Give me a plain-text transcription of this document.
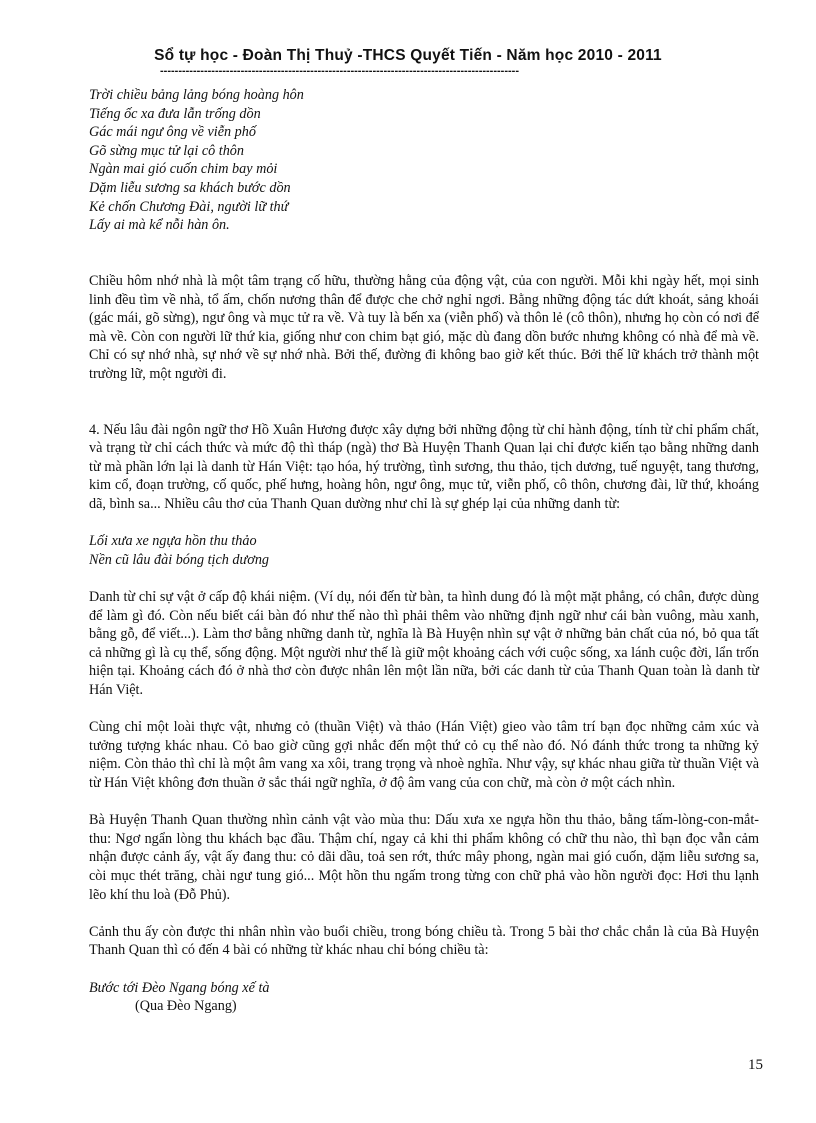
Sổ tự học - Đoàn Thị Thuỷ -THCS Quyết Tiến - Năm học 2010 - 2011
--------------------------------------------------------------------------------------------------
Trời chiều bảng lảng bóng hoàng hôn
Tiếng ốc xa đưa lẫn trống dồn
Gác mái ngư ông về viễn phố
Gõ sừng mục tử lại cô thôn
Ngàn mai gió cuốn chim bay mỏi
Dặm liễu sương sa khách bước dồn
Kẻ chốn Chương Đài, người lữ thứ
Lấy ai mà kể nỗi hàn ôn.

Chiều hôm nhớ nhà là một tâm trạng cố hữu, thường hằng của động vật, của con người. Mỗi khi ngày hết, mọi sinh linh đều tìm về nhà, tổ ấm, chốn nương thân để được che chở nghỉ ngơi. Bằng những động tác dứt khoát, sảng khoái (gác mái, gõ sừng), ngư ông và mục tử ra về. Và tuy là bến xa (viễn phố) và thôn lẻ (cô thôn), nhưng họ còn có nơi để mà về. Còn con người lữ thứ kia, giống như con chim bạt gió, mặc dù đang dồn bước nhưng không có nhà để mà về. Chỉ có sự nhớ nhà, sự nhớ về sự nhớ nhà. Bởi thế, đường đi không bao giờ kết thúc. Bởi thế lữ khách trở thành một trường lữ, một người đi.

4. Nếu lâu đài ngôn ngữ thơ Hồ Xuân Hương được xây dựng bởi những động từ chỉ hành động, tính từ chỉ phẩm chất, và trạng từ chỉ cách thức và mức độ thì tháp (ngà) thơ Bà Huyện Thanh Quan lại chỉ được kiến tạo bằng những danh từ mà phần lớn lại là danh từ Hán Việt: tạo hóa, hý trường, tình sương, thu thảo, tịch dương, tuế nguyệt, tang thương, kim cổ, đoạn trường, cố quốc, phế hưng, hoàng hôn, ngư ông, mục tử, viễn phố, cô thôn, chương đài, lữ thứ, khoáng dã, bình sa... Nhiều câu thơ của Thanh Quan dường như chỉ là sự ghép lại của những danh từ:

Lối xưa xe ngựa hồn thu thảo
Nền cũ lâu đài bóng tịch dương

Danh từ chỉ sự vật ở cấp độ khái niệm. (Ví dụ, nói đến từ bàn, ta hình dung đó là một mặt phẳng, có chân, được dùng để làm gì đó. Còn nếu biết cái bàn đó như thế nào thì phải thêm vào những định ngữ như cái bàn vuông, màu xanh, bằng gỗ, để viết...). Làm thơ bằng những danh từ, nghĩa là Bà Huyện nhìn sự vật ở những bản chất của nó, bỏ qua tất cả những gì là cụ thể, sống động. Một người như thế là giữ một khoảng cách với cuộc sống, xa lánh cuộc đời, lẩn trốn hiện tại. Khoảng cách đó ở nhà thơ còn được nhân lên một lần nữa, bởi các danh từ của Thanh Quan toàn là danh từ Hán Việt.

Cùng chỉ một loài thực vật, nhưng cỏ (thuần Việt) và thảo (Hán Việt) gieo vào tâm trí bạn đọc những cảm xúc và tưởng tượng khác nhau. Cỏ bao giờ cũng gợi nhắc đến một thứ cỏ cụ thể nào đó. Nó đánh thức trong ta những kỷ niệm. Còn thảo thì chỉ là một âm vang xa xôi, trang trọng và nhoè nghĩa. Như vậy, sự khác nhau giữa từ thuần Việt và từ Hán Việt không đơn thuần ở sắc thái ngữ nghĩa, ở độ âm vang của con chữ, mà còn ở một cách nhìn.

Bà Huyện Thanh Quan thường nhìn cảnh vật vào mùa thu: Dấu xưa xe ngựa hồn thu thảo, bằng tấm-lòng-con-mắt-thu: Ngơ ngẩn lòng thu khách bạc đầu. Thậm chí, ngay cả khi thi phẩm không có chữ thu nào, thì bạn đọc vẫn cảm nhận được cảnh ấy, vật ấy đang thu: cỏ dãi dầu, toả sen rớt, thức mây phong, ngàn mai gió cuốn, dặm liễu sương sa, còi mục thét trăng, chài ngư tung gió... Một hồn thu ngấm trong từng con chữ phả vào hồn người đọc: Hơi thu lạnh lẽo khí thu loà (Đỗ Phủ).

Cảnh thu ấy còn được thi nhân nhìn vào buổi chiều, trong bóng chiều tà. Trong 5 bài thơ chắc chắn là của Bà Huyện Thanh Quan thì có đến 4 bài có những từ khác nhau chỉ bóng chiều tà:

Bước tới Đèo Ngang bóng xế tà
(Qua Đèo Ngang)
15
